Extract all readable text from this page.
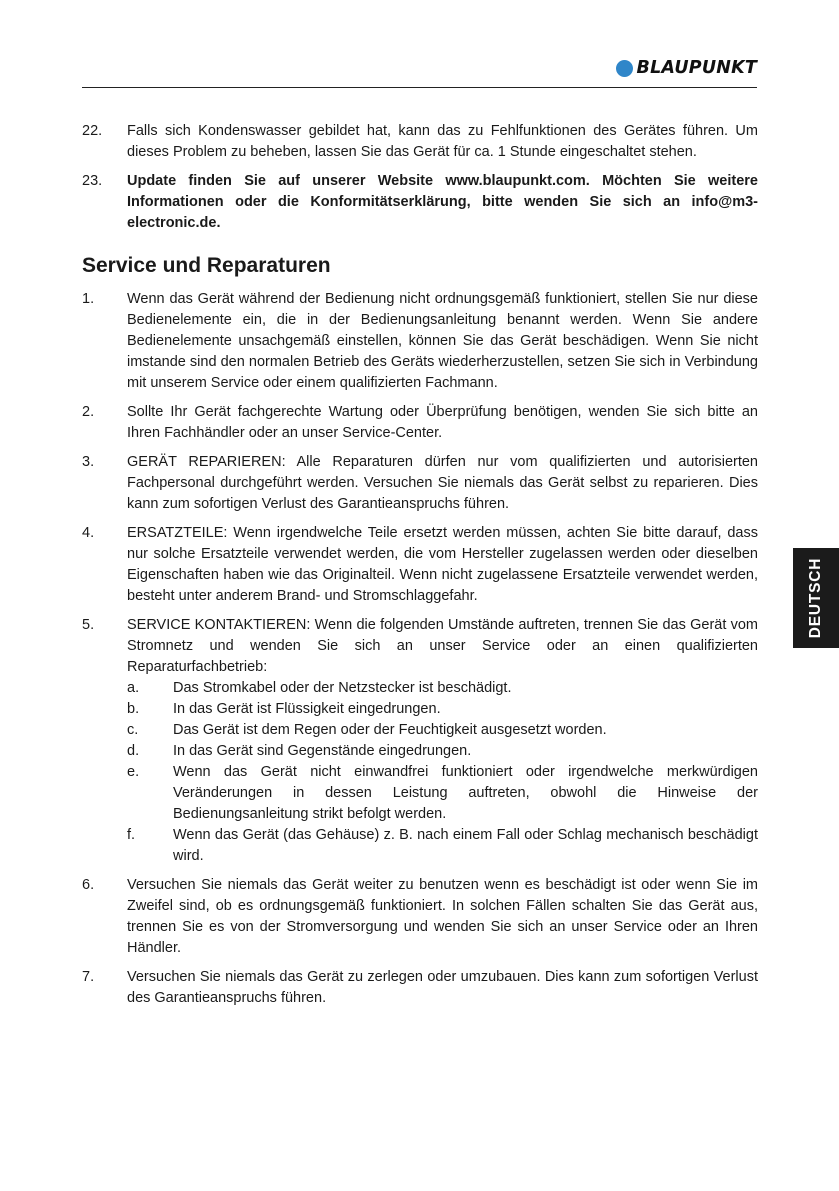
BLAUPUNKT
22.	Falls sich Kondenswasser gebildet hat, kann das zu Fehlfunktionen des Gerätes führen. Um dieses Problem zu beheben, lassen Sie das Gerät für ca. 1 Stunde eingeschaltet stehen.
23.	Update finden Sie auf unserer Website www.blaupunkt.com. Möchten Sie weitere Informationen oder die Konformitätserklärung, bitte wenden Sie sich an info@m3-electronic.de.
Service und Reparaturen
1.	Wenn das Gerät während der Bedienung nicht ordnungsgemäß funktioniert, stellen Sie nur diese Bedienelemente ein, die in der Bedienungsanleitung benannt werden. Wenn Sie andere Bedienelemente unsachgemäß einstellen, können Sie das Gerät beschädigen. Wenn Sie nicht imstande sind den normalen Betrieb des Geräts wiederherzustellen, setzen Sie sich in Verbindung mit unserem Service oder einem qualifizierten Fachmann.
2.	Sollte Ihr Gerät fachgerechte Wartung oder Überprüfung benötigen, wenden Sie sich bitte an Ihren Fachhändler oder an unser Service-Center.
3.	GERÄT REPARIEREN: Alle Reparaturen dürfen nur vom qualifizierten und autorisierten Fachpersonal durchgeführt werden. Versuchen Sie niemals das Gerät selbst zu reparieren. Dies kann zum sofortigen Verlust des Garantieanspruchs führen.
4.	ERSATZTEILE: Wenn irgendwelche Teile ersetzt werden müssen, achten Sie bitte darauf, dass nur solche Ersatzteile verwendet werden, die vom Hersteller zugelassen werden oder dieselben Eigenschaften haben wie das Originalteil. Wenn nicht zugelassene Ersatzteile verwendet werden, besteht unter anderem Brand- und Stromschlaggefahr.
5.	SERVICE KONTAKTIEREN: Wenn die folgenden Umstände auftreten, trennen Sie das Gerät vom Stromnetz und wenden Sie sich an unser Service oder an einen qualifizierten Reparaturfachbetrieb:
a.	Das Stromkabel oder der Netzstecker ist beschädigt.
b.	In das Gerät ist Flüssigkeit eingedrungen.
c.	Das Gerät ist dem Regen oder der Feuchtigkeit ausgesetzt worden.
d.	In das Gerät sind Gegenstände eingedrungen.
e.	Wenn das Gerät nicht einwandfrei funktioniert oder irgendwelche merkwürdigen Veränderungen in dessen Leistung auftreten, obwohl die Hinweise der Bedienungsanleitung strikt befolgt werden.
f.	Wenn das Gerät (das Gehäuse) z. B. nach einem Fall oder Schlag mechanisch beschädigt wird.
6.	Versuchen Sie niemals das Gerät weiter zu benutzen wenn es beschädigt ist oder wenn Sie im Zweifel sind, ob es ordnungsgemäß funktioniert. In solchen Fällen schalten Sie das Gerät aus, trennen Sie es von der Stromversorgung und wenden Sie sich an unser Service oder an Ihren Händler.
7.	Versuchen Sie niemals das Gerät zu zerlegen oder umzubauen. Dies kann zum sofortigen Verlust des Garantieanspruchs führen.
DEUTSCH
